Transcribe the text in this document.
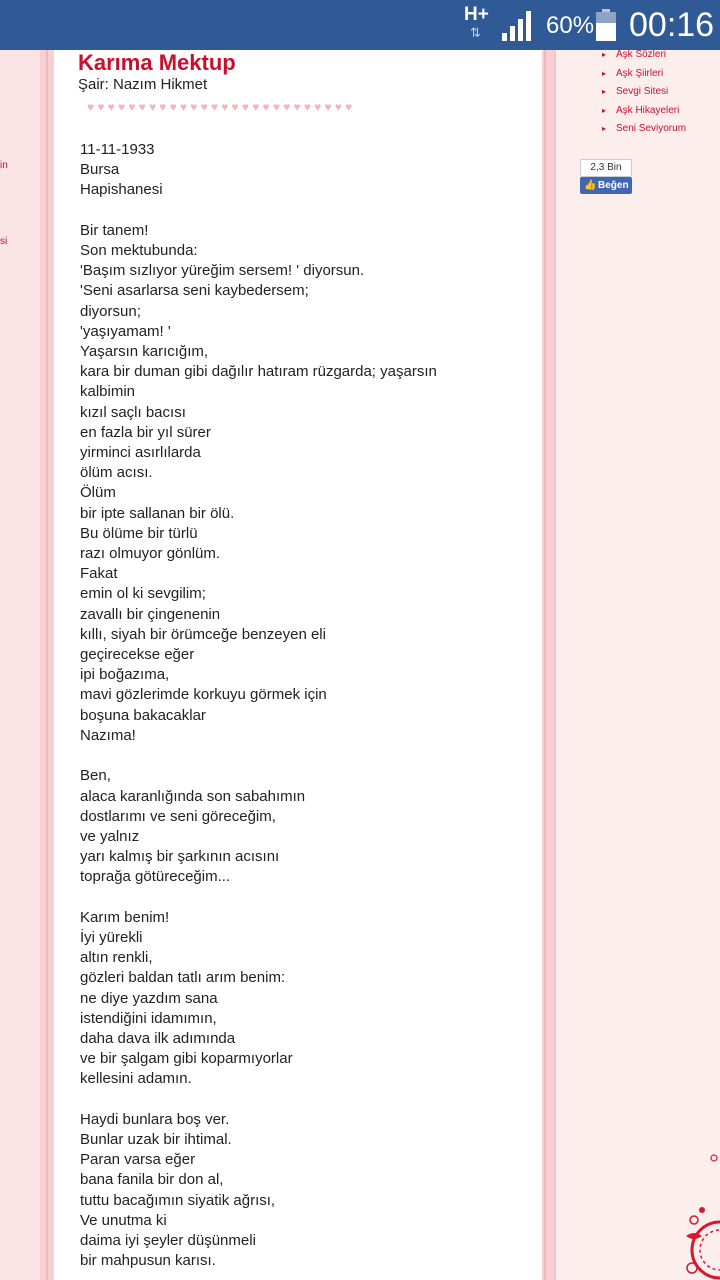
H+
⇅	60% 00:16
in
si
Karıma Mektup
Şair: Nazım Hikmet
♥♥♥♥♥♥♥♥♥♥♥♥♥♥♥♥♥♥♥♥♥♥♥♥♥♥
11-11-1933
Bursa
Hapishanesi

Bir tanem!
Son mektubunda:
'Başım sızlıyor yüreğim sersem! ' diyorsun.
'Seni asarlarsa seni kaybedersem;
diyorsun;
'yaşıyamam! '
Yaşarsın karıcığım,
kara bir duman gibi dağılır hatıram rüzgarda; yaşarsın
kalbimin
kızıl saçlı bacısı
en fazla bir yıl sürer
yirminci asırlılarda
ölüm acısı.
Ölüm
bir ipte sallanan bir ölü.
Bu ölüme bir türlü
razı olmuyor gönlüm.
Fakat
emin ol ki sevgilim;
zavallı bir çingenenin
kıllı, siyah bir örümceğe benzeyen eli
geçirecekse eğer
ipi boğazıma,
mavi gözlerimde korkuyu görmek için
boşuna bakacaklar
Nazıma!

Ben,
alaca karanlığında son sabahımın
dostlarımı ve seni göreceğim,
ve yalnız
yarı kalmış bir şarkının acısını
toprağa götüreceğim...

Karım benim!
İyi yürekli
altın renkli,
gözleri baldan tatlı arım benim:
ne diye yazdım sana
istendiğini idamımın,
daha dava ilk adımında
ve bir şalgam gibi koparmıyorlar
kellesini adamın.

Haydi bunlara boş ver.
Bunlar uzak bir ihtimal.
Paran varsa eğer
bana fanila bir don al,
tuttu bacağımın siyatik ağrısı,
Ve unutma ki
daima iyi şeyler düşünmeli
bir mahpusun karısı.
▸ Aşk Sözleri
▸ Aşk Şiirleri
▸ Sevgi Sitesi
▸ Aşk Hikayeleri
▸ Seni Seviyorum
2,3 Bin
👍 Beğen
